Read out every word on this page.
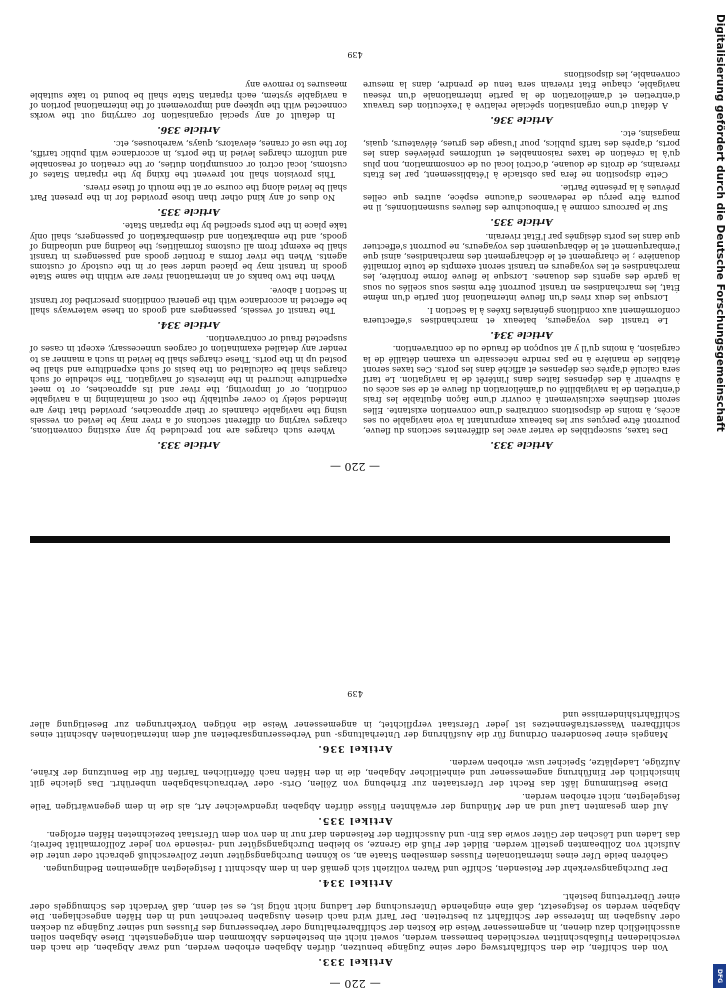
— 220 —
Article 333.

Des taxes, susceptibles de varier avec les différentes sections du fleuve, pourront être perçues sur les bateaux empruntant la voie navigable ou ses accès, à moins de dispositions contraires d'une convention existante. Elles seront destinées exclusivement à couvrir d'une façon équitable les frais d'entretien de la navigabilité ou d'amélioration du fleuve et de ses accès ou à subvenir à des dépenses faites dans l'intérêt de la navigation. Le tarif sera calculé d'après ces dépenses et affiché dans les ports. Ces taxes seront établies de manière à ne pas rendre nécessaire un examen détaillé de la cargaison, à moins qu'il y ait soupçon de fraude ou de contravention.

Article 334.

Le transit des voyageurs, bateaux et marchandises s'effectuera conformément aux conditions générales fixées à la Section I.

Lorsque les deux rives d'un fleuve international font partie d'un même État, les marchandises en transit pourront être mises sous scellés ou sous la garde des agents des douanes. Lorsque le fleuve forme frontière, les marchandises et les voyageurs en transit seront exempts de toute formalité douanière ; le chargement et le déchargement des marchandises, ainsi que l'embarquement et le débarquement des voyageurs, ne pourront s'effectuer que dans les ports désignés par l'État riverain.

Article 335.

Sur le parcours comme à l'embouchure des fleuves susmentionnés, il ne pourra être perçu de redevances d'aucune espèce, autres que celles prévues à la présente Partie.

Cette disposition ne fera pas obstacle à l'établissement, par les États riverains, de droits de douane, d'octroi local ou de consommation, non plus qu'à la création de taxes raisonnables et uniformes prélevées dans les ports, d'après des tarifs publics, pour l'usage des grues, élévateurs, quais, magasins, etc.

Article 336.

A défaut d'une organisation spéciale relative à l'exécution des travaux d'entretien et d'amélioration de la partie internationale d'un réseau navigable, chaque État riverain sera tenu de prendre, dans la mesure convenable, les dispositions

Article 333.

Where such charges are not precluded by any existing conventions, charges varying on different sections of a river may be levied on vessels using the navigable channels or their approaches, provided that they are intended solely to cover equitably the cost of maintaining in a navigable condition, or of improving, the river and its approaches, or to meet expenditure incurred in the interests of navigation. The schedule of such charges shall be calculated on the basis of such expenditure and shall be posted up in the ports. These charges shall be levied in such a manner as to render any detailed examination of cargoes unnecessary, except in cases of suspected fraud or contravention.

Article 334.

The transit of vessels, passengers and goods on these waterways shall be effected in accordance with the general conditions prescribed for transit in Section I above.

When the two banks of an international river are within the same State goods in transit may be placed under seal or in the custody of customs agents. When the river forms a frontier goods and passengers in transit shall be exempt from all customs formalities; the loading and unloading of goods, and the embarkation and disembarkation of passengers, shall only take place in the ports specified by the riparian State.

Article 335.

No dues of any kind other than those provided for in the present Part shall be levied along the course or at the mouth of these rivers.

This provision shall not prevent the fixing by the riparian States of customs, local octroi or consumption duties, or the creation of reasonable and uniform charges levied in the ports, in accordance with public tariffs, for the use of cranes, elevators, quays, warehouses, etc.

Article 336.

In default of any special organisation for carrying out the works connected with the upkeep and improvement of the international portion of a navigable system, each riparian State shall be bound to take suitable measures to remove any

439
— 220 —
Artikel 333.

Von den Schiffen, die den Schiffahrtsweg oder seine Zugänge benutzen, dürfen Abgaben erhoben werden, und zwar Abgaben, die nach den verschiedenen Flußabschnitten verschieden bemessen werden, soweit nicht ein bestehendes Abkommen dem entgegensteht. Diese Abgaben sollen ausschließlich dazu dienen, in angemessener Weise die Kosten der Schiffbarerhaltung oder Verbesserung des Flusses und seiner Zugänge zu decken oder Ausgaben im Interesse der Schiffahrt zu bestreiten. Der Tarif wird nach diesen Ausgaben berechnet und in den Häfen angeschlagen. Die Abgaben werden so festgesetzt, daß eine eingehende Untersuchung der Ladung nicht nötig ist, es sei denn, daß Verdacht des Schmuggels oder einer Übertretung besteht.

Artikel 334.

Der Durchgangsverkehr der Reisenden, Schiffe und Waren vollzieht sich gemäß den in dem Abschnitt I festgelegten allgemeinen Bedingungen.

Gehören beide Ufer eines internationalen Flusses demselben Staate an, so können Durchgangsgüter unter Zollverschluß gebracht oder unter die Aufsicht von Zollbeamten gestellt werden. Bildet der Fluß die Grenze, so bleiben Durchgangsgüter und -reisende von jeder Zollformalität befreit; das Laden und Löschen der Güter sowie das Ein- und Ausschiffen der Reisenden darf nur in den von dem Uferstaat bezeichneten Häfen erfolgen.

Artikel 335.

Auf dem gesamten Lauf und an der Mündung der erwähnten Flüsse dürfen Abgaben irgendwelcher Art, als die in dem gegenwärtigen Teile festgelegten, nicht erhoben werden.

Diese Bestimmung läßt das Recht der Uferstaaten zur Erhebung von Zöllen, Orts- oder Verbrauchsabgaben unberührt. Das gleiche gilt hinsichtlich der Einführung angemessener und einheitlicher Abgaben, die in den Häfen nach öffentlichen Tarifen für die Benutzung der Kräne, Aufzüge, Ladeplätze, Speicher usw. erhoben werden.

Artikel 336.

Mangels einer besonderen Ordnung für die Ausführung der Unterhaltungs- und Verbesserungsarbeiten auf dem internationalen Abschnitt eines schiffbaren Wasserstraßennetzes ist jeder Uferstaat verpflichtet, in angemessener Weise die nötigen Vorkehrungen zur Beseitigung aller Schiffahrtshindernisse und

439
Digitalisierung gefördert durch die Deutsche Forschungsgemeinschaft
DFG
